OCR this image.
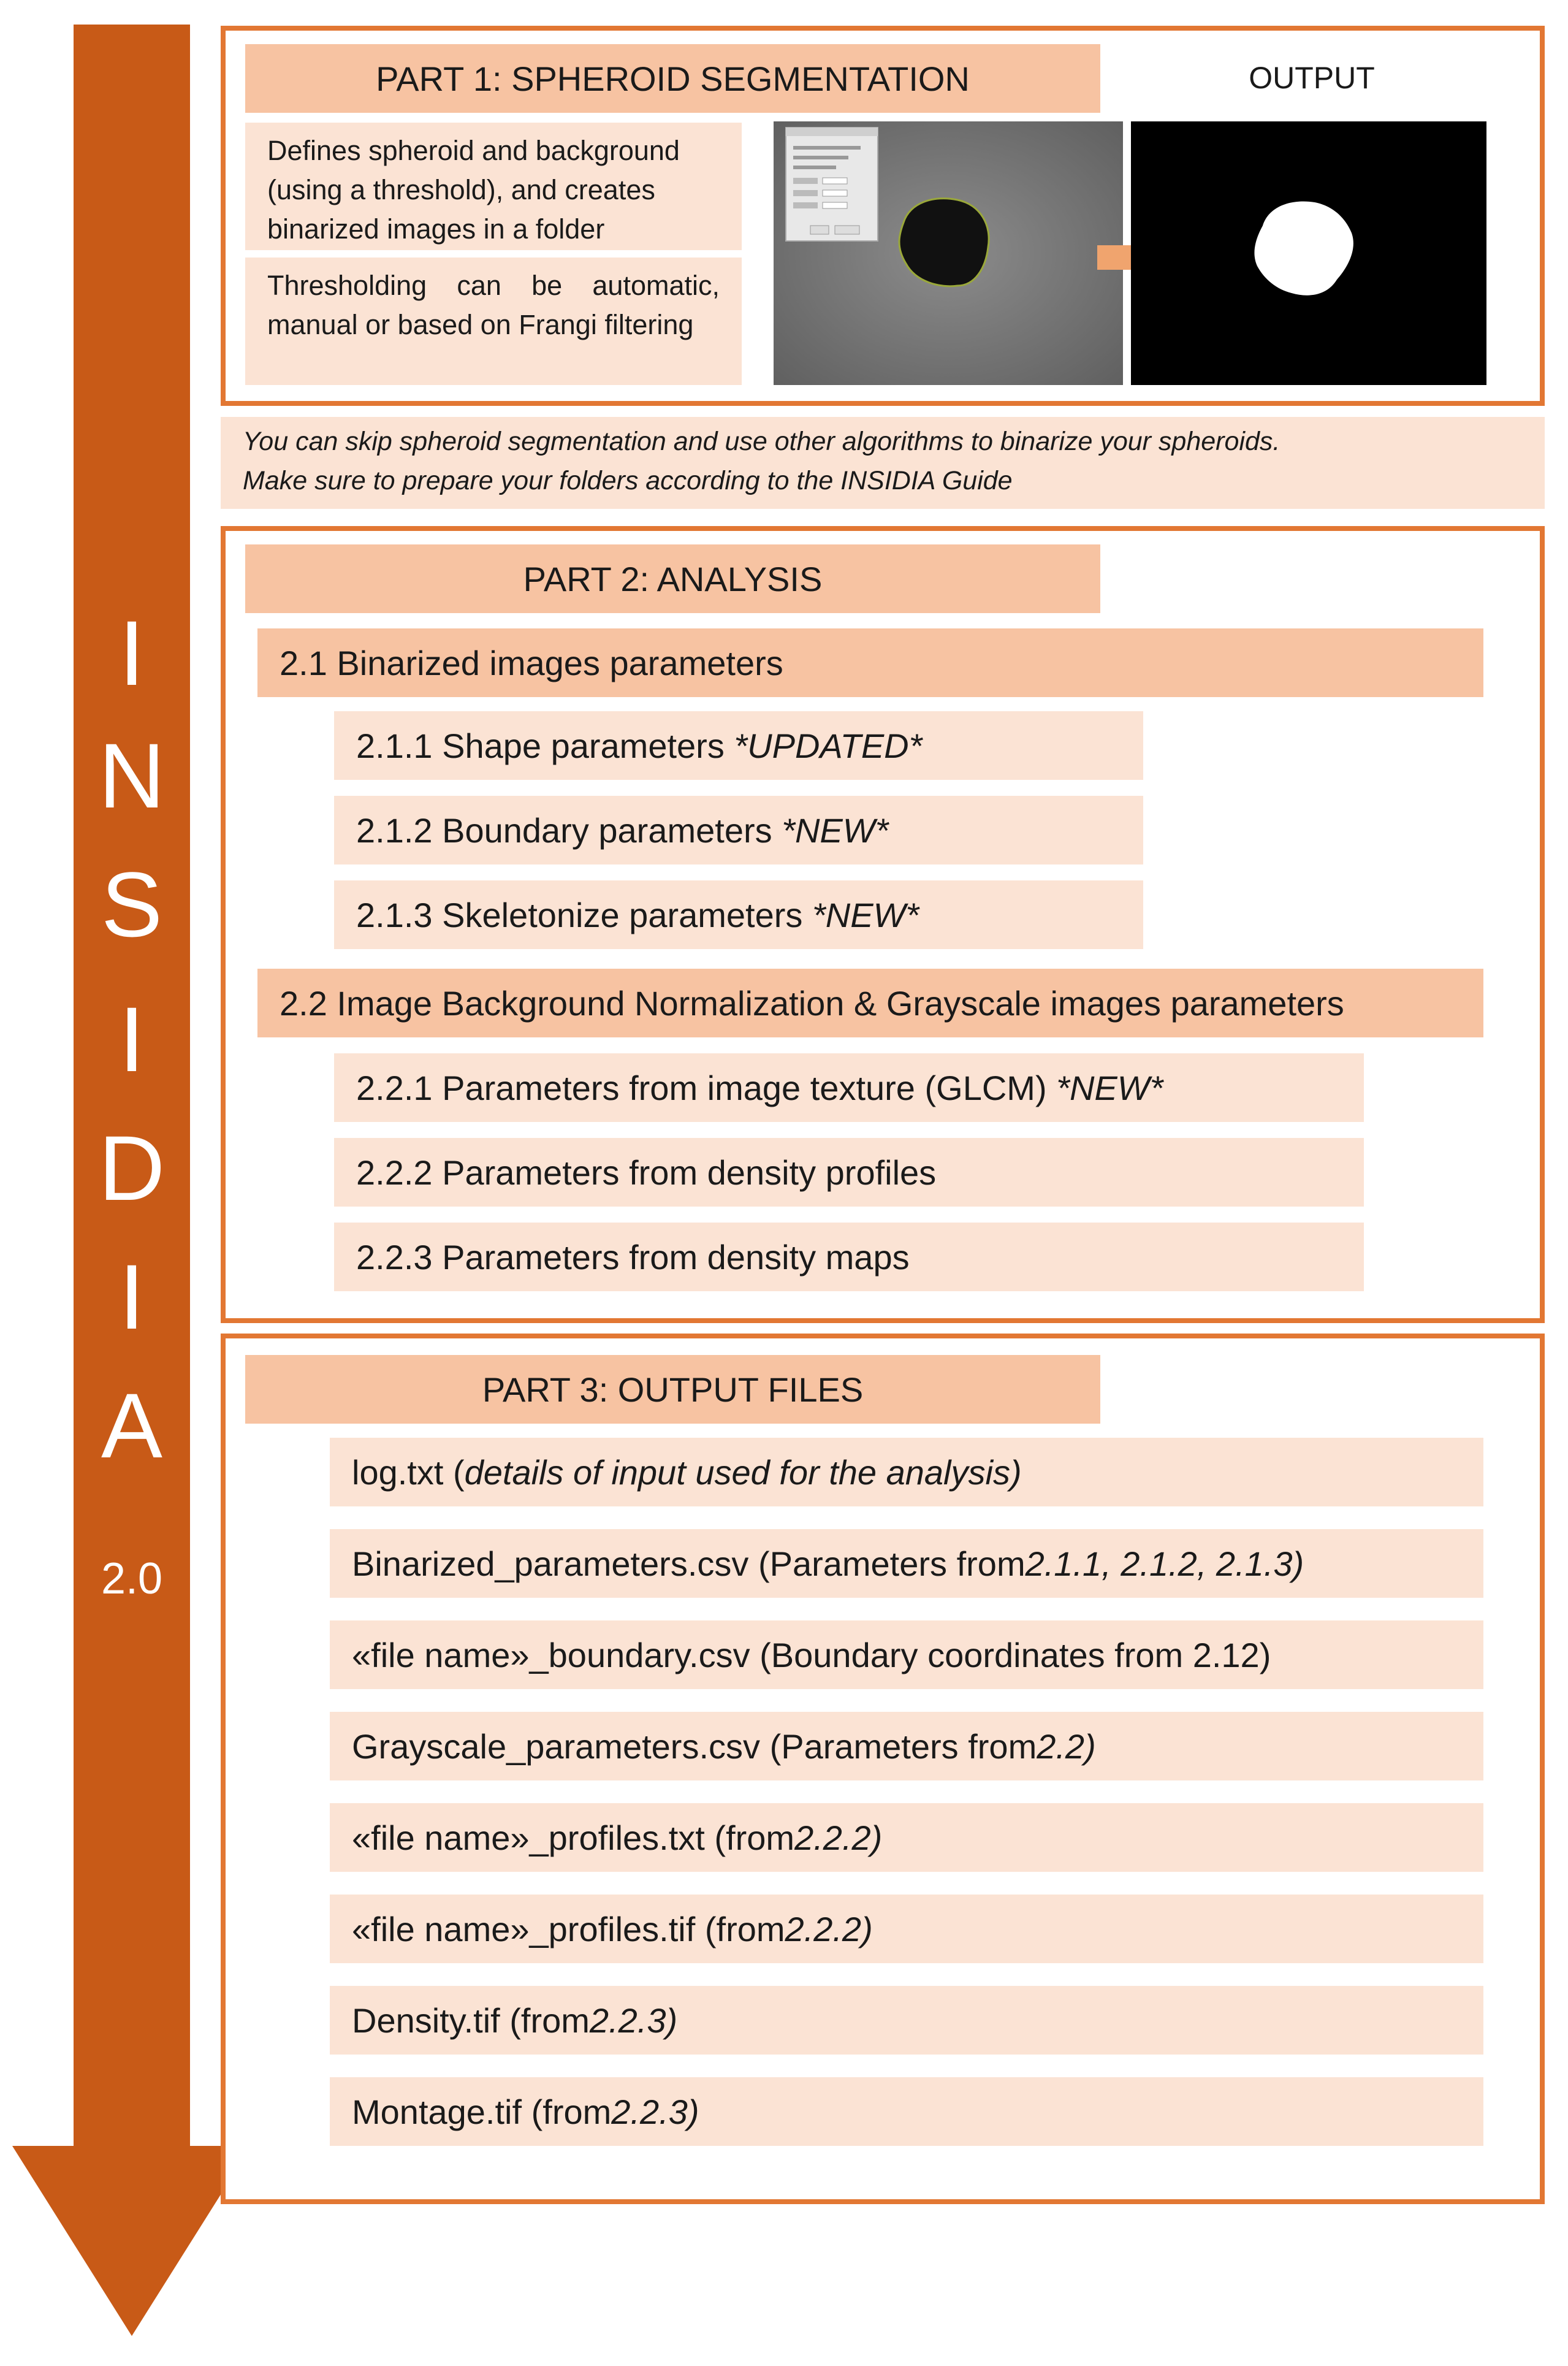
I
N
S
I
D
I
A
2.0
PART 1: SPHEROID SEGMENTATION	OUTPUT
Defines spheroid and background (using a threshold), and creates binarized images in a folder
Thresholding can be automatic, manual or based on Frangi filtering
You can skip spheroid segmentation and use other algorithms to binarize your spheroids.
Make sure to prepare your folders according to the INSIDIA Guide
PART 2: ANALYSIS
2.1 Binarized images parameters
2.1.1 Shape parameters
*UPDATED*
2.1.2 Boundary parameters
*NEW*
2.1.3 Skeletonize parameters
*NEW*
2.2 Image Background Normalization & Grayscale images parameters
2.2.1 Parameters from image texture (GLCM)
*NEW*
2.2.2 Parameters from density profiles
2.2.3 Parameters from density maps
PART 3: OUTPUT FILES
log.txt ( details of input used for the analysis)
Binarized_parameters.csv (Parameters from 2.1.1, 2.1.2, 2.1.3)
«file name»_boundary.csv (Boundary coordinates from 2.12)
Grayscale_parameters.csv (Parameters from 2.2)
«file name»_profiles.txt (from 2.2.2)
«file name»_profiles.tif (from 2.2.2)
Density.tif (from 2.2.3)
Montage.tif (from 2.2.3)
